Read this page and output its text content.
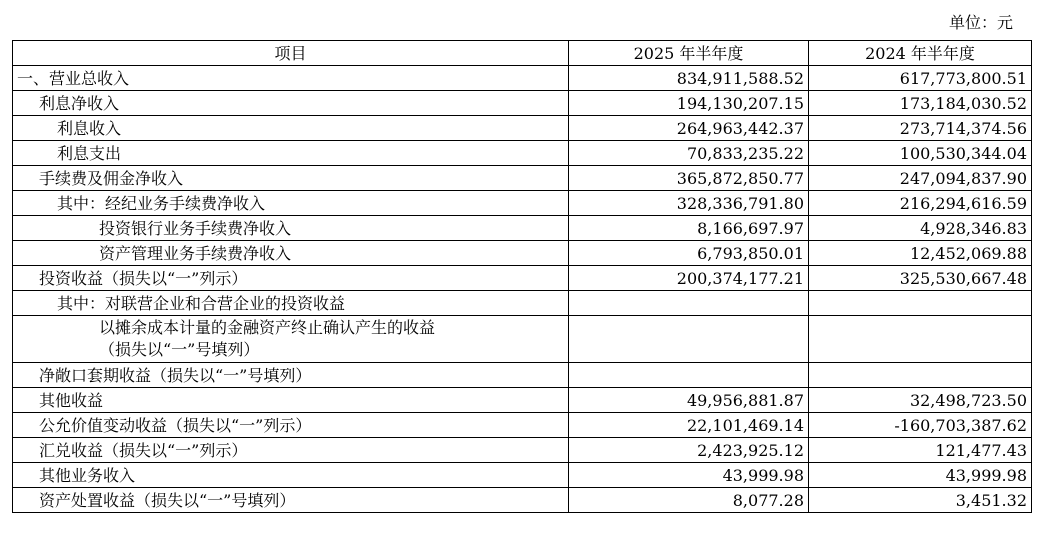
单位：元
项目	2025 年半年度	2024 年半年度
一、营业总收入	834,911,588.52	617,773,800.51
利息净收入	194,130,207.15	173,184,030.52
利息收入	264,963,442.37	273,714,374.56
利息支出	70,833,235.22	100,530,344.04
手续费及佣金净收入	365,872,850.77	247,094,837.90
其中：经纪业务手续费净收入	328,336,791.80	216,294,616.59
投资银行业务手续费净收入	8,166,697.97	4,928,346.83
资产管理业务手续费净收入	6,793,850.01	12,452,069.88
投资收益（损失以“一”列示）	200,374,177.21	325,530,667.48
其中：对联营企业和合营企业的投资收益		

以摊余成本计量的金融资产终止确认产生的收益
（损失以“一”号填列）		

净敞口套期收益（损失以“一”号填列）		
其他收益	49,956,881.87	32,498,723.50
公允价值变动收益（损失以“一”列示）	22,101,469.14	-160,703,387.62
汇兑收益（损失以“一”列示）	2,423,925.12	121,477.43
其他业务收入	43,999.98	43,999.98
资产处置收益（损失以“一”号填列）	8,077.28	3,451.32
